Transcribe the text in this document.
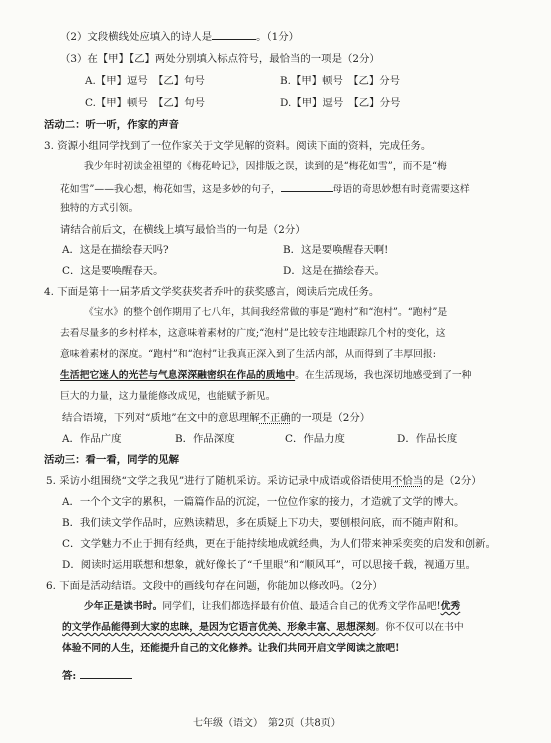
（2）文段横线处应填入的诗人是	。（1分）
（3）在【甲】【乙】两处分别填入标点符号，最恰当的一项是（2分）
A.【甲】逗号　【乙】句号	B.【甲】顿号　【乙】分号
C.【甲】顿号　【乙】句号	D.【甲】逗号　【乙】分号
活动二：听一听，作家的声音
3. 资源小组同学找到了一位作家关于文学见解的资料。阅读下面的资料，完成任务。
我少年时初读金祖望的《梅花岭记》，因排版之误，读到的是“梅花如雪”，而不是“梅
花如雪”——我心想，梅花如雪，这是多妙的句子，	母语的奇思妙想有时竟需要这样
独特的方式引领。
请结合前后文，在横线上填写最恰当的一句是（2分）
A．这是在描绘春天吗?	B．这是要唤醒春天啊!
C．这是要唤醒春天。	D．这是在描绘春天。
4. 下面是第十一届茅盾文学奖获奖者乔叶的获奖感言，阅读后完成任务。
《宝水》的整个创作期用了七八年，其间我经常做的事是“跑村”和“泡村”。“跑村”是
去看尽量多的乡村样本，这意味着素材的广度;“泡村”是比较专注地跟踪几个村的变化，这
意味着素材的深度。“跑村”和“泡村”让我真正深入到了生活内部，从而得到了丰厚回报:
生活把它迷人的光芒与气息深深融密织在作品的质地中。在生活现场，我也深切地感受到了一种
巨大的力量，这力量能修改成见，也能赋予新见。
结合语境，下列对“质地”在文中的意思理解不正确的一项是（2分）
A．作品广度	B．作品深度	C．作品力度	D．作品长度
活动三：看一看，同学的见解
5. 采访小组围绕“文学之我见”进行了随机采访。采访记录中成语或俗语使用不恰当的是（2分）
A．一个个文字的累积，一篇篇作品的沉淀，一位位作家的接力，才造就了文学的博大。
B．我们读文学作品时，应熟读精思，多在质疑上下功夫，要刨根问底，而不随声附和。
C．文学魅力不止于拥有经典，更在于能持续地成就经典，为人们带来神采奕奕的启发和创新。
D．阅读时运用联想和想象，就好像长了“千里眼”和“顺风耳”，可以思接千载，视通万里。
6. 下面是活动结语。文段中的画线句存在问题，你能加以修改吗。（2分）
少年正是读书时。同学们，让我们都选择最有价值、最适合自己的优秀文学作品吧!优秀
的文学作品能得到大家的忠睐，是因为它语言优美、形象丰富、思想深刻。你不仅可以在书中
体验不同的人生，还能提升自己的文化修养。让我们共同开启文学阅读之旅吧!
答:
七年级（语文）　第2页（共8页）
